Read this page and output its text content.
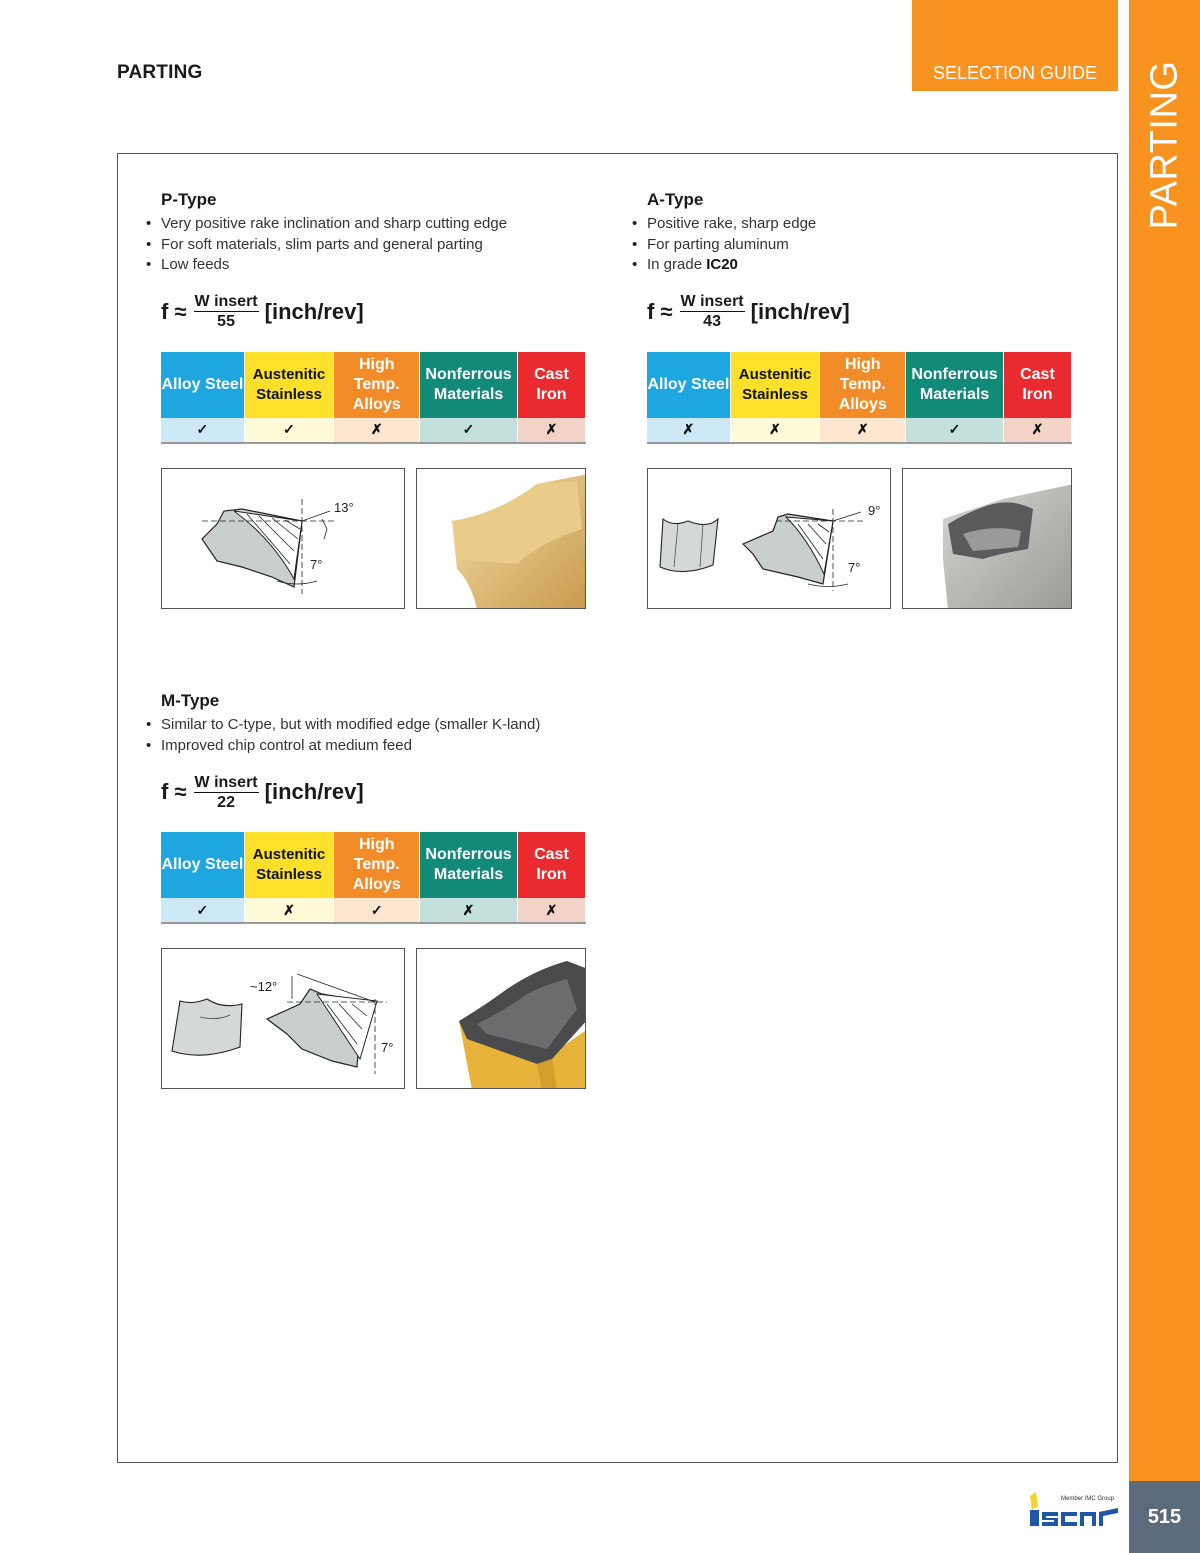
PARTING	SELECTION GUIDE	PARTING
515
P-Type
• Very positive rake inclination and sharp cutting edge
• For soft materials, slim parts and general parting
• Low feeds
$f \approx \frac{\text{W insert}}{55}$ [inch/rev]
Alloy Steel	Austenitic Stainless	High Temp. Alloys	Nonferrous Materials	Cast Iron
✓	✓	✗	✓	✗
13°
7°
A-Type
• Positive rake, sharp edge
• For parting aluminum
• In grade IC20
$f \approx \frac{\text{W insert}}{43}$ [inch/rev]
Alloy Steel	Austenitic Stainless	High Temp. Alloys	Nonferrous Materials	Cast Iron
✗	✗	✗	✓	✗
9°
7°
M-Type
• Similar to C-type, but with modified edge (smaller K-land)
• Improved chip control at medium feed
$f \approx \frac{\text{W insert}}{22}$ [inch/rev]
Alloy Steel	Austenitic Stainless	High Temp. Alloys	Nonferrous Materials	Cast Iron
✓	✗	✓	✗	✗
~12°
7°
Member IMC Group
